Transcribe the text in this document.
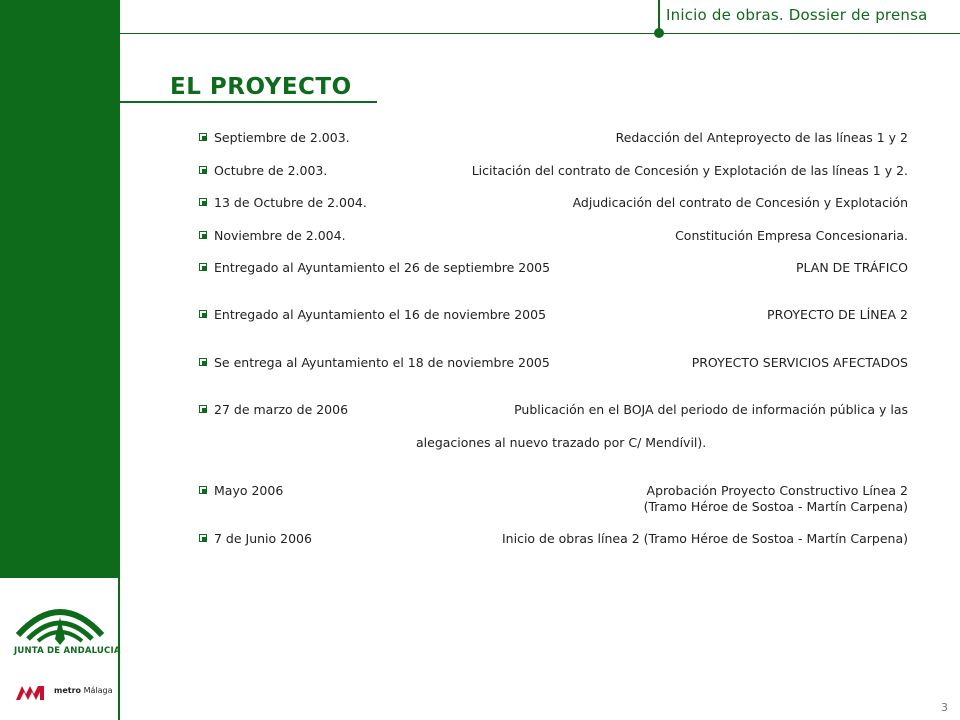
Inicio de obras. Dossier de prensa
EL PROYECTO
Septiembre de 2.003.	Redacción del Anteproyecto de las líneas 1 y 2
Octubre de 2.003.	Licitación del contrato de Concesión y Explotación de las líneas 1 y 2.
13 de Octubre de 2.004.	Adjudicación del contrato de Concesión y Explotación
Noviembre de 2.004.	Constitución Empresa Concesionaria.
Entregado al Ayuntamiento el 26 de septiembre 2005	PLAN DE TRÁFICO
Entregado al Ayuntamiento el 16 de noviembre 2005	PROYECTO DE LÍNEA 2
Se entrega al Ayuntamiento el 18 de noviembre 2005	PROYECTO SERVICIOS AFECTADOS
27 de marzo de 2006	Publicación en el BOJA del periodo de información pública y las
alegaciones al nuevo trazado por C/ Mendívil).
Mayo 2006	Aprobación Proyecto Constructivo Línea 2
(Tramo Héroe de Sostoa - Martín Carpena)
7 de Junio 2006	Inicio de obras línea 2 (Tramo Héroe de Sostoa - Martín Carpena)
JUNTA DE ANDALUCIA
metro Málaga
3
